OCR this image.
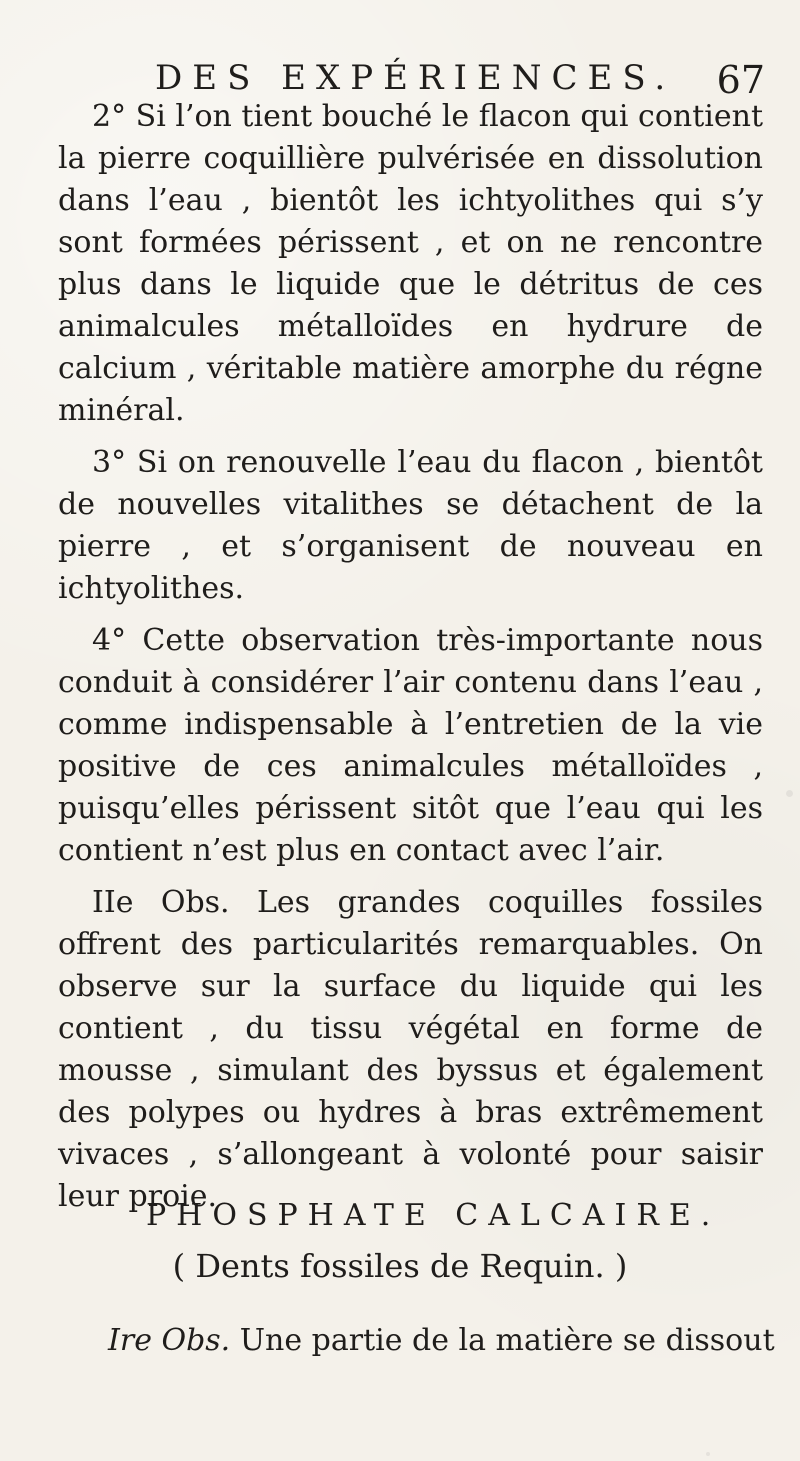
DES EXPÉRIENCES. 67

2° Si l’on tient bouché le flacon qui contient la pierre coquillière pulvérisée en dissolution dans l’eau , bientôt les ichtyolithes qui s’y sont formées périssent , et on ne rencontre plus dans le liquide que le détritus de ces animalcules métalloïdes en hydrure de calcium , véritable matière amorphe du régne minéral.

3° Si on renouvelle l’eau du flacon , bientôt de nouvelles vitalithes se détachent de la pierre , et s’organisent de nouveau en ichtyolithes.

4° Cette observation très-importante nous conduit à considérer l’air contenu dans l’eau , comme indispensable à l’entretien de la vie positive de ces animalcules métalloïdes , puisqu’elles périssent sitôt que l’eau qui les contient n’est plus en contact avec l’air.

IIe Obs. Les grandes coquilles fossiles offrent des particularités remarquables. On observe sur la surface du liquide qui les contient , du tissu végétal en forme de mousse , simulant des byssus et également des polypes ou hydres à bras extrêmement vivaces , s’allongeant à volonté pour saisir leur proie.

PHOSPHATE CALCAIRE.
( Dents fossiles de Requin. )
Ire Obs. Une partie de la matière se dissout
